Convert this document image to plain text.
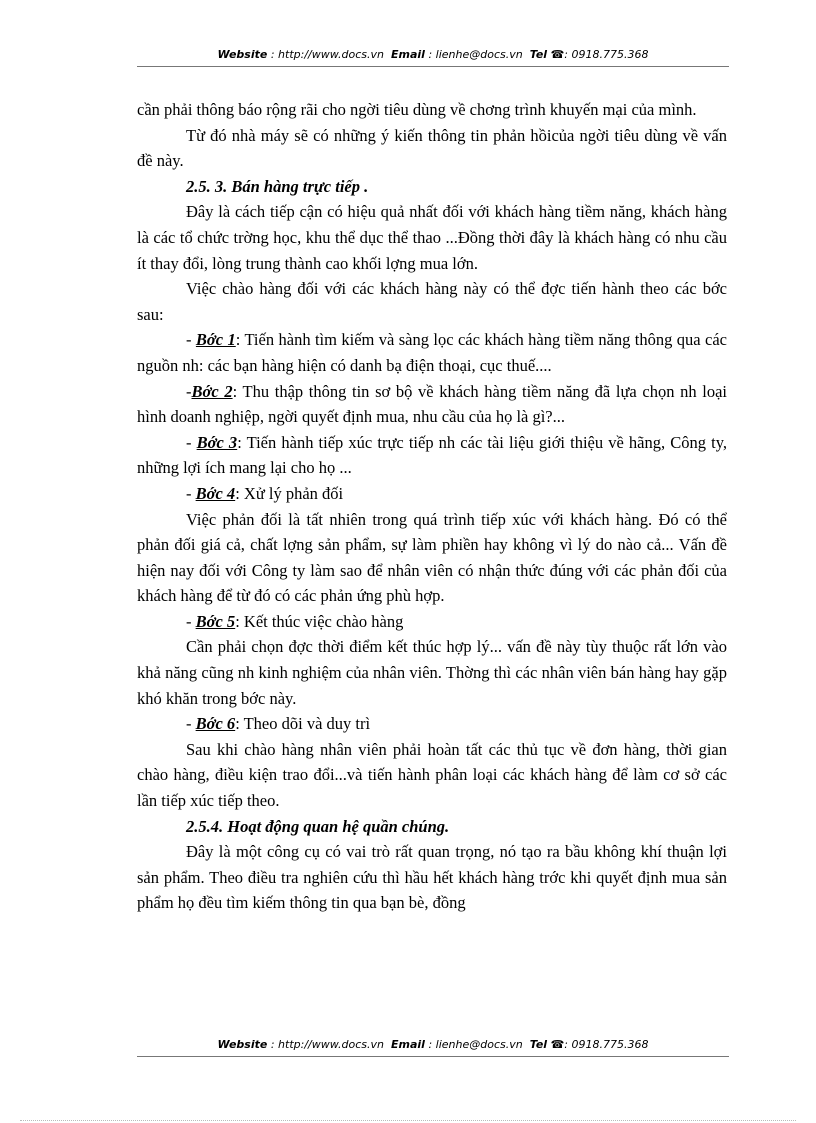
Website : http://www.docs.vn Email : lienhe@docs.vn Tel ☎: 0918.775.368

cần phải thông báo rộng rãi cho ngời tiêu dùng về chơng trình khuyến mại của mình.

Từ đó nhà máy sẽ có những ý kiến thông tin phản hồicủa ngời tiêu dùng về vấn đề này.

2.5. 3. Bán hàng trực tiếp .

Đây là cách tiếp cận có hiệu quả nhất đối với khách hàng tiềm năng, khách hàng là các tổ chức trờng học, khu thể dục thể thao ...Đồng thời đây là khách hàng có nhu cầu ít thay đổi, lòng trung thành cao khối lợng mua lớn.

Việc chào hàng đối với các khách hàng này có thể đợc tiến hành theo các bớc sau:

- Bớc 1: Tiến hành tìm kiếm và sàng lọc các khách hàng tiềm năng thông qua các nguồn nh: các bạn hàng hiện có danh bạ điện thoại, cục thuế....

-Bớc 2: Thu thập thông tin sơ bộ về khách hàng tiềm năng đã lựa chọn nh loại hình doanh nghiệp, ngời quyết định mua, nhu cầu của họ là gì?...

- Bớc 3: Tiến hành tiếp xúc trực tiếp nh các tài liệu giới thiệu về hãng, Công ty, những lợi ích mang lại cho họ ...

- Bớc 4: Xử lý phản đối

Việc phản đối là tất nhiên trong quá trình tiếp xúc với khách hàng. Đó có thể phản đối giá cả, chất lợng sản phẩm, sự làm phiền hay không vì lý do nào cả... Vấn đề hiện nay đối với Công ty làm sao để nhân viên có nhận thức đúng với các phản đối của khách hàng để từ đó có các phản ứng phù hợp.

- Bớc 5: Kết thúc việc chào hàng

Cần phải chọn đợc thời điểm kết thúc hợp lý... vấn đề này tùy thuộc rất lớn vào khả năng cũng nh kinh nghiệm của nhân viên. Thờng thì các nhân viên bán hàng hay gặp khó khăn trong bớc này.

- Bớc 6: Theo dõi và duy trì

Sau khi chào hàng nhân viên phải hoàn tất các thủ tục về đơn hàng, thời gian chào hàng, điều kiện trao đổi...và tiến hành phân loại các khách hàng để làm cơ sở các lần tiếp xúc tiếp theo.

2.5.4. Hoạt động quan hệ quần chúng.

Đây là một công cụ có vai trò rất quan trọng, nó tạo ra bầu không khí thuận lợi sản phẩm. Theo điều tra nghiên cứu thì hầu hết khách hàng trớc khi quyết định mua sản phẩm họ đều tìm kiếm thông tin qua bạn bè, đồng

Website : http://www.docs.vn Email : lienhe@docs.vn Tel ☎: 0918.775.368
